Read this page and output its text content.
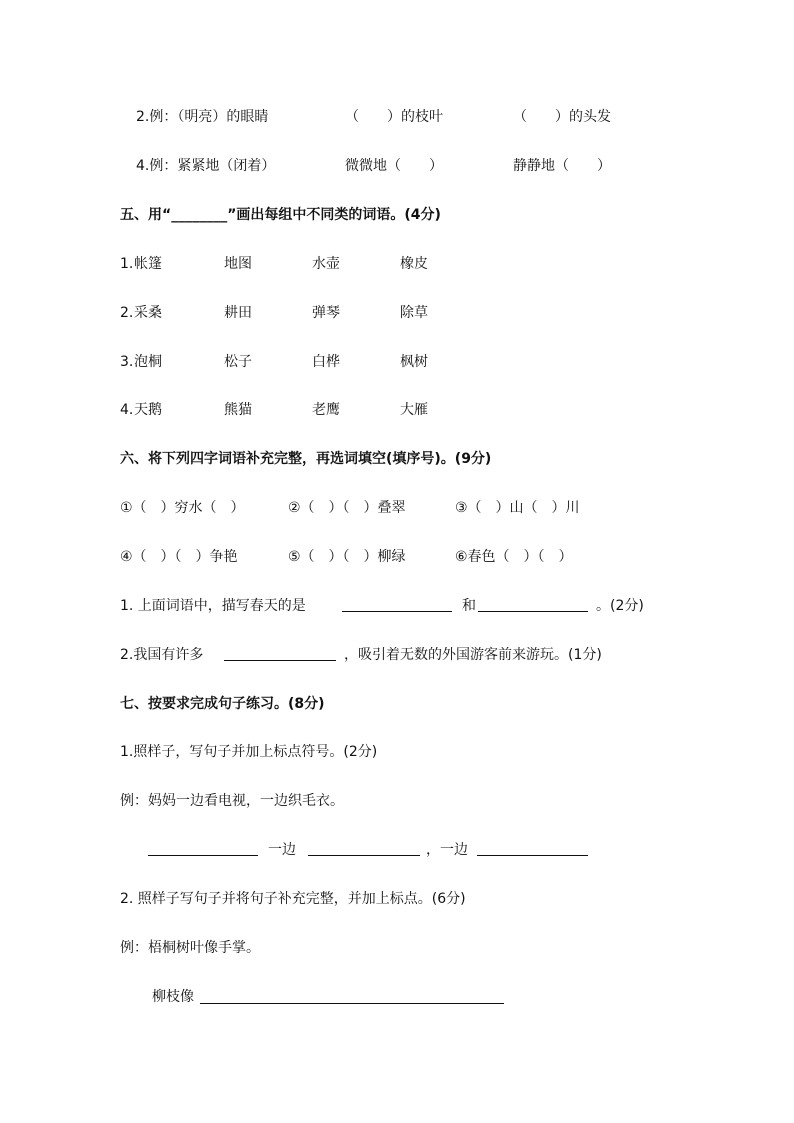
2.例：（明亮）的眼睛	（　　）的枝叶	（　　）的头发
4.例：紧紧地（闭着）	微微地（　　）	静静地（　　）
五、用“________”画出每组中不同类的词语。(4分)
1. 帐篷	地图	水壶	橡皮
2. 采桑	耕田	弹琴	除草
3. 泡桐	松子	白桦	枫树
4. 天鹅	熊猫	老鹰	大雁
六、将下列四字词语补充完整，再选词填空(填序号)。(9分)
①（　）穷水（　）	②（　）（　）叠翠	③（　）山（　）川
④（　）（　）争艳	⑤（　）（　）柳绿	⑥春色（　）（　）
1. 上面词语中，描写春天的是	和	。(2分)
2.我国有许多	，吸引着无数的外国游客前来游玩。(1分)
七、按要求完成句子练习。(8分)
1.照样子，写句子并加上标点符号。(2分)
例：妈妈一边看电视，一边织毛衣。
一边	，一边
2. 照样子写句子并将句子补充完整，并加上标点。(6分)
例：梧桐树叶像手掌。
柳枝像
